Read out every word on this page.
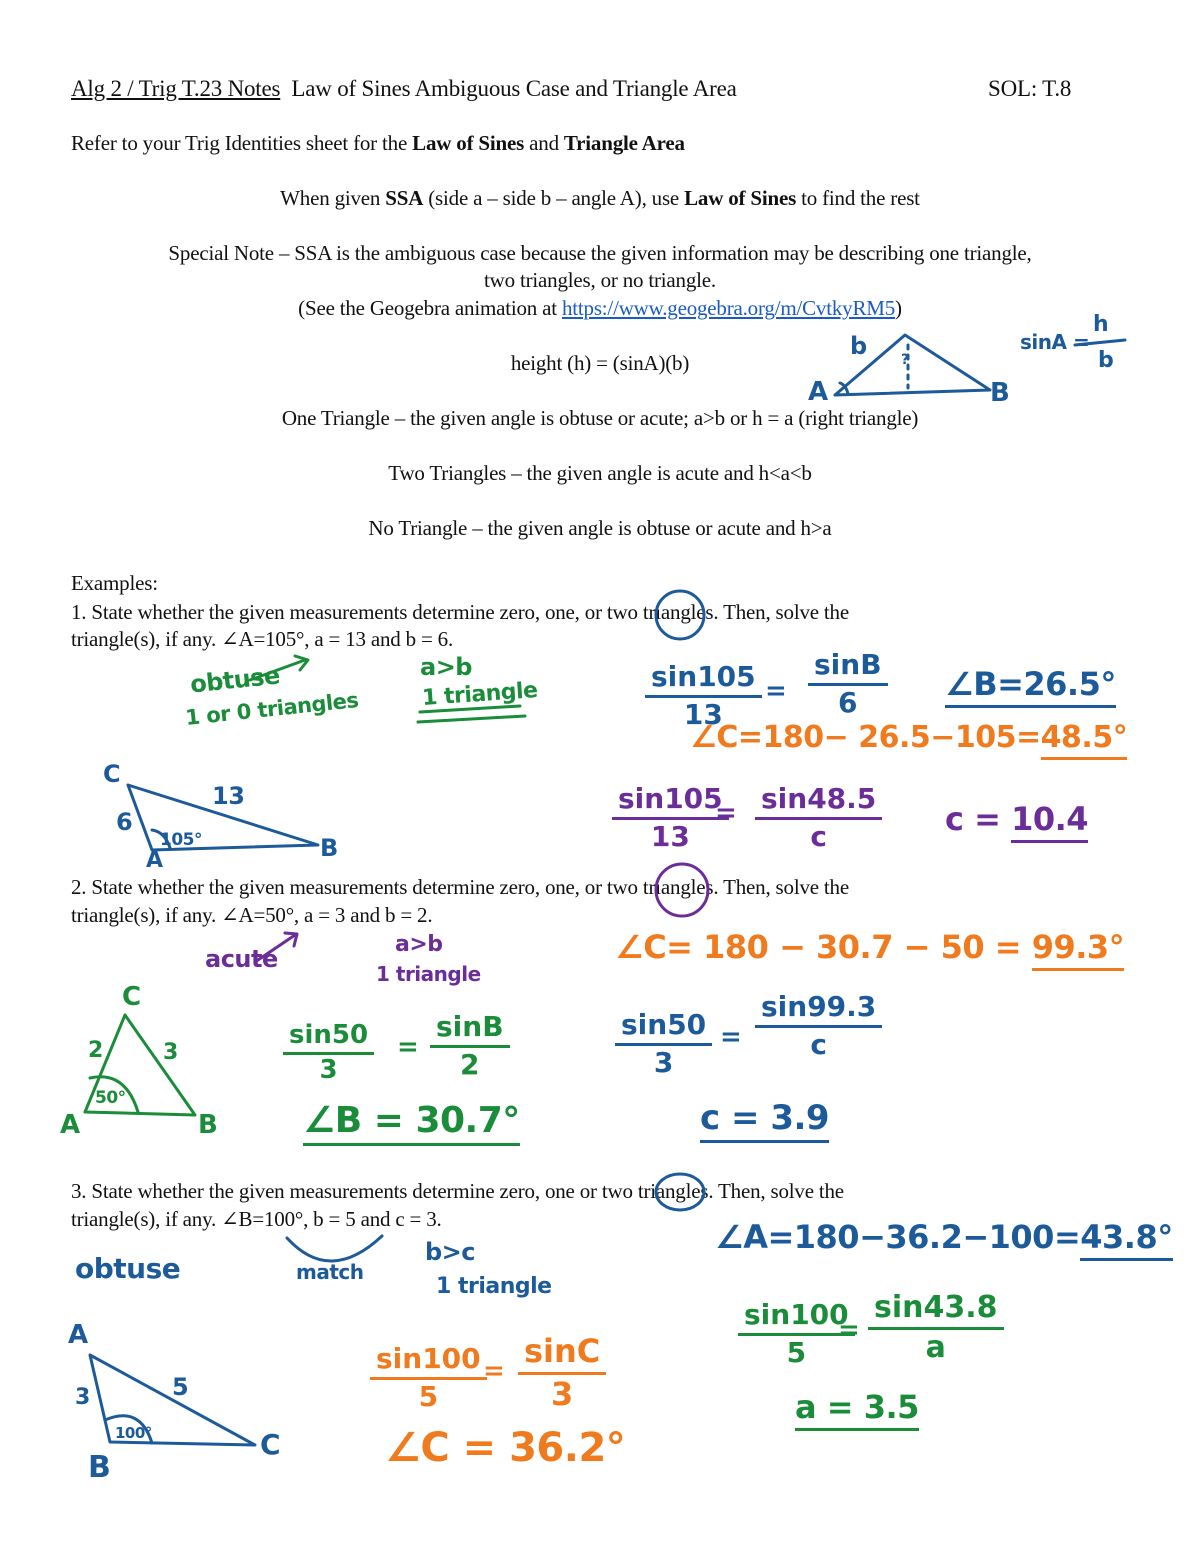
Alg 2 / Trig T.23 Notes Law of Sines Ambiguous Case and Triangle Area	SOL: T.8
Refer to your Trig Identities sheet for the Law of Sines and Triangle Area
When given SSA (side a – side b – angle A), use Law of Sines to find the rest
Special Note – SSA is the ambiguous case because the given information may be describing one triangle,
two triangles, or no triangle.
(See the Geogebra animation at https://www.geogebra.org/m/CvtkyRM5)
height (h) = (sinA)(b)
One Triangle – the given angle is obtuse or acute; a>b or h = a (right triangle)
Two Triangles – the given angle is acute and h<a<b
No Triangle – the given angle is obtuse or acute and h>a
Examples:
1. State whether the given measurements determine zero, one, or two triangles. Then, solve the
triangle(s), if any. ∠A=105°, a = 13 and b = 6.
2. State whether the given measurements determine zero, one, or two triangles. Then, solve the
triangle(s), if any. ∠A=50°, a = 3 and b = 2.
3. State whether the given measurements determine zero, one or two triangles. Then, solve the
triangle(s), if any. ∠B=100°, b = 5 and c = 3.
b
A	B
sinA =
h
b
obtuse
1 or 0 triangles
a>b
1 triangle	$\frac{\sin 105}{13} = \frac{\sin B}{6}$ ∠B=26.5°
∠C=180− 26.5−105=48.5°
$\frac{\sin 105}{13}$
= $\frac{\sin 48.5}{c}$ c = 10.4
C
6
13
105°
A	B
acute
a>b
1 triangle
∠C= 180 − 30.7 − 50 = 99.3°
$\frac{\sin 50}{3} = \frac{\sin 99.3}{c}$
c = 3.9
$\frac{\sin 50}{3} = \frac{\sin B}{2}$
∠B = 30.7°
C
2	3
50°
A	B
obtuse	match
b>c
1 triangle
∠A=180−36.2−100=43.8°
$\frac{\sin 100}{5}$
= $\frac{\sin 43.8}{a}$
a = 3.5
$\frac{\sin 100}{5}$
= $\frac{\sin C}{3}$
∠C = 36.2°
A
3	5
100°
B
C
?
